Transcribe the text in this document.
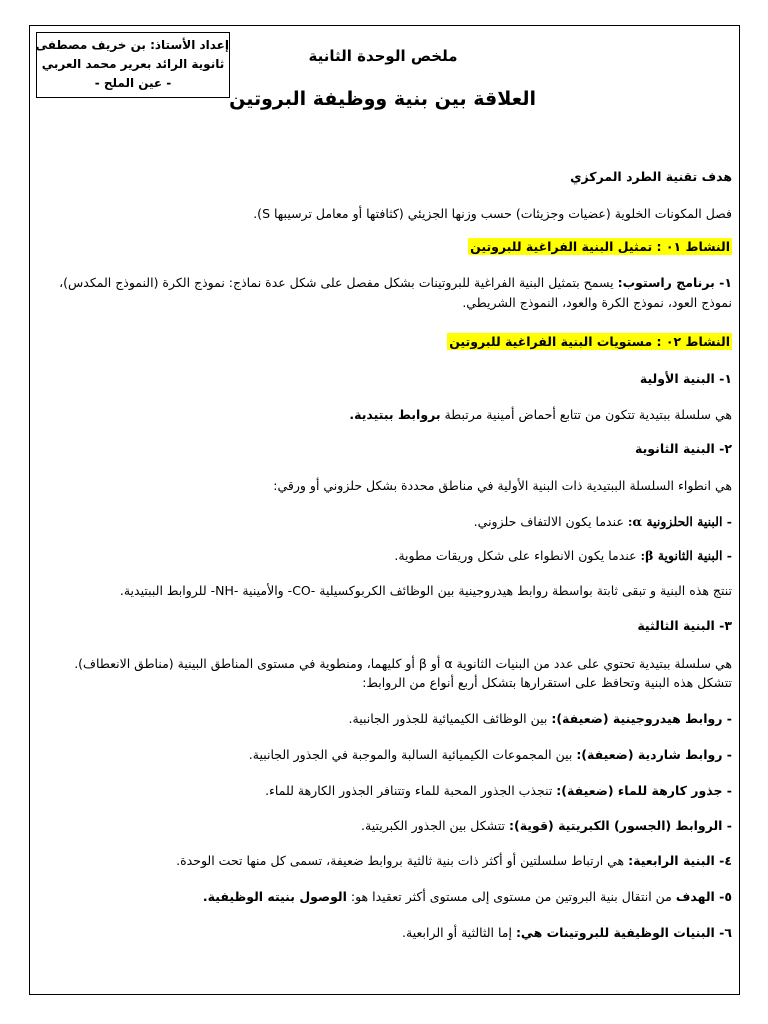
إعداد الأستاذ: بن خريف مصطفى
ثانوية الرائد بعرير محمد العربي
- عين الملح -
ملخص الوحدة الثانية
العلاقة بين بنية ووظيفة البروتين
هدف تقنية الطرد المركزي
فصل المكونات الخلوية (عضيات وجزيئات) حسب وزنها الجزيئي (كثافتها أو معامل ترسيبها S).
النشاط ٠١ : تمثيل البنية الفراغية للبروتين
١- برنامج راستوب: يسمح بتمثيل البنية الفراغية للبروتينات بشكل مفصل على شكل عدة نماذج: نموذج الكرة (النموذج المكدس)،
نموذج العود، نموذج الكرة والعود، النموذج الشريطي.
النشاط ٠٢ : مستويات البنية الفراغية للبروتين
١- البنية الأولية
هي سلسلة ببتيدية تتكون من تتابع أحماض أمينية مرتبطة بروابط ببتيدية.
٢- البنية الثانوية
هي انطواء السلسلة الببتيدية ذات البنية الأولية في مناطق محددة بشكل حلزوني أو ورقي:
- البنية الحلزونية α: عندما يكون الالتفاف حلزوني.
- البنية الثانوية β: عندما يكون الانطواء على شكل وريقات مطوية.
تنتج هذه البنية و تبقى ثابتة بواسطة روابط هيدروجينية بين الوظائف الكربوكسيلية -CO- والأمينية -NH- للروابط الببتيدية.
٣- البنية الثالثية
هي سلسلة ببتيدية تحتوي على عدد من البنيات الثانوية α أو β أو كليهما، ومنطوية في مستوى المناطق البينية (مناطق الانعطاف).
تتشكل هذه البنية وتحافظ على استقرارها بتشكل أربع أنواع من الروابط:
- روابط هيدروجينية (ضعيفة): بين الوظائف الكيميائية للجذور الجانبية.
- روابط شاردية (ضعيفة): بين المجموعات الكيميائية السالبة والموجبة في الجذور الجانبية.
- جذور كارهة للماء (ضعيفة): تنجذب الجذور المحبة للماء وتتنافر الجذور الكارهة للماء.
- الروابط (الجسور) الكبريتية (قوية): تتشكل بين الجذور الكبريتية.
٤- البنية الرابعية: هي ارتباط سلسلتين أو أكثر ذات بنية ثالثية بروابط ضعيفة، تسمى كل منها تحت الوحدة.
٥- الهدف من انتقال بنية البروتين من مستوى إلى مستوى أكثر تعقيدا هو: الوصول بنيته الوظيفية.
٦- البنيات الوظيفية للبروتينات هي: إما الثالثية أو الرابعية.
